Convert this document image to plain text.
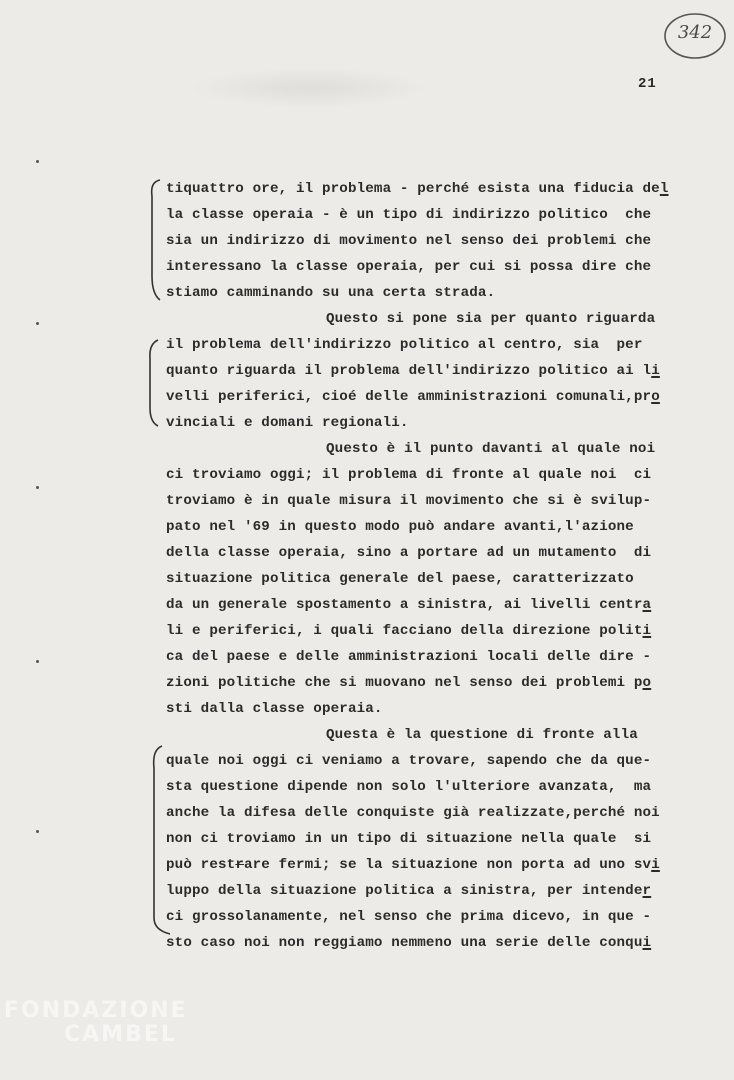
342
21
tiquattro ore, il problema - perché esista una fiducia del
la classe operaia - è un tipo di indirizzo politico  che
sia un indirizzo di movimento nel senso dei problemi che
interessano la classe operaia, per cui si possa dire che
stiamo camminando su una certa strada.
Questo si pone sia per quanto riguarda
il problema dell'indirizzo politico al centro, sia  per
quanto riguarda il problema dell'indirizzo politico ai li
velli periferici, cioé delle amministrazioni comunali,pro
vinciali e domani regionali.
Questo è il punto davanti al quale noi
ci troviamo oggi; il problema di fronte al quale noi  ci
troviamo è in quale misura il movimento che si è svilup-
pato nel '69 in questo modo può andare avanti,l'azione
della classe operaia, sino a portare ad un mutamento  di
situazione politica generale del paese, caratterizzato
da un generale spostamento a sinistra, ai livelli centra
li e periferici, i quali facciano della direzione politi
ca del paese e delle amministrazioni locali delle dire -
zioni politiche che si muovano nel senso dei problemi po
sti dalla classe operaia.
Questa è la questione di fronte alla
quale noi oggi ci veniamo a trovare, sapendo che da que-
sta questione dipende non solo l'ulteriore avanzata,  ma
anche la difesa delle conquiste già realizzate,perché noi
non ci troviamo in un tipo di situazione nella quale  si
può restrare fermi; se la situazione non porta ad uno svi
luppo della situazione politica a sinistra, per intender
ci grossolanamente, nel senso che prima dicevo, in que -
sto caso noi non reggiamo nemmeno una serie delle conqui
FONDAZIONE
CAMBEL
